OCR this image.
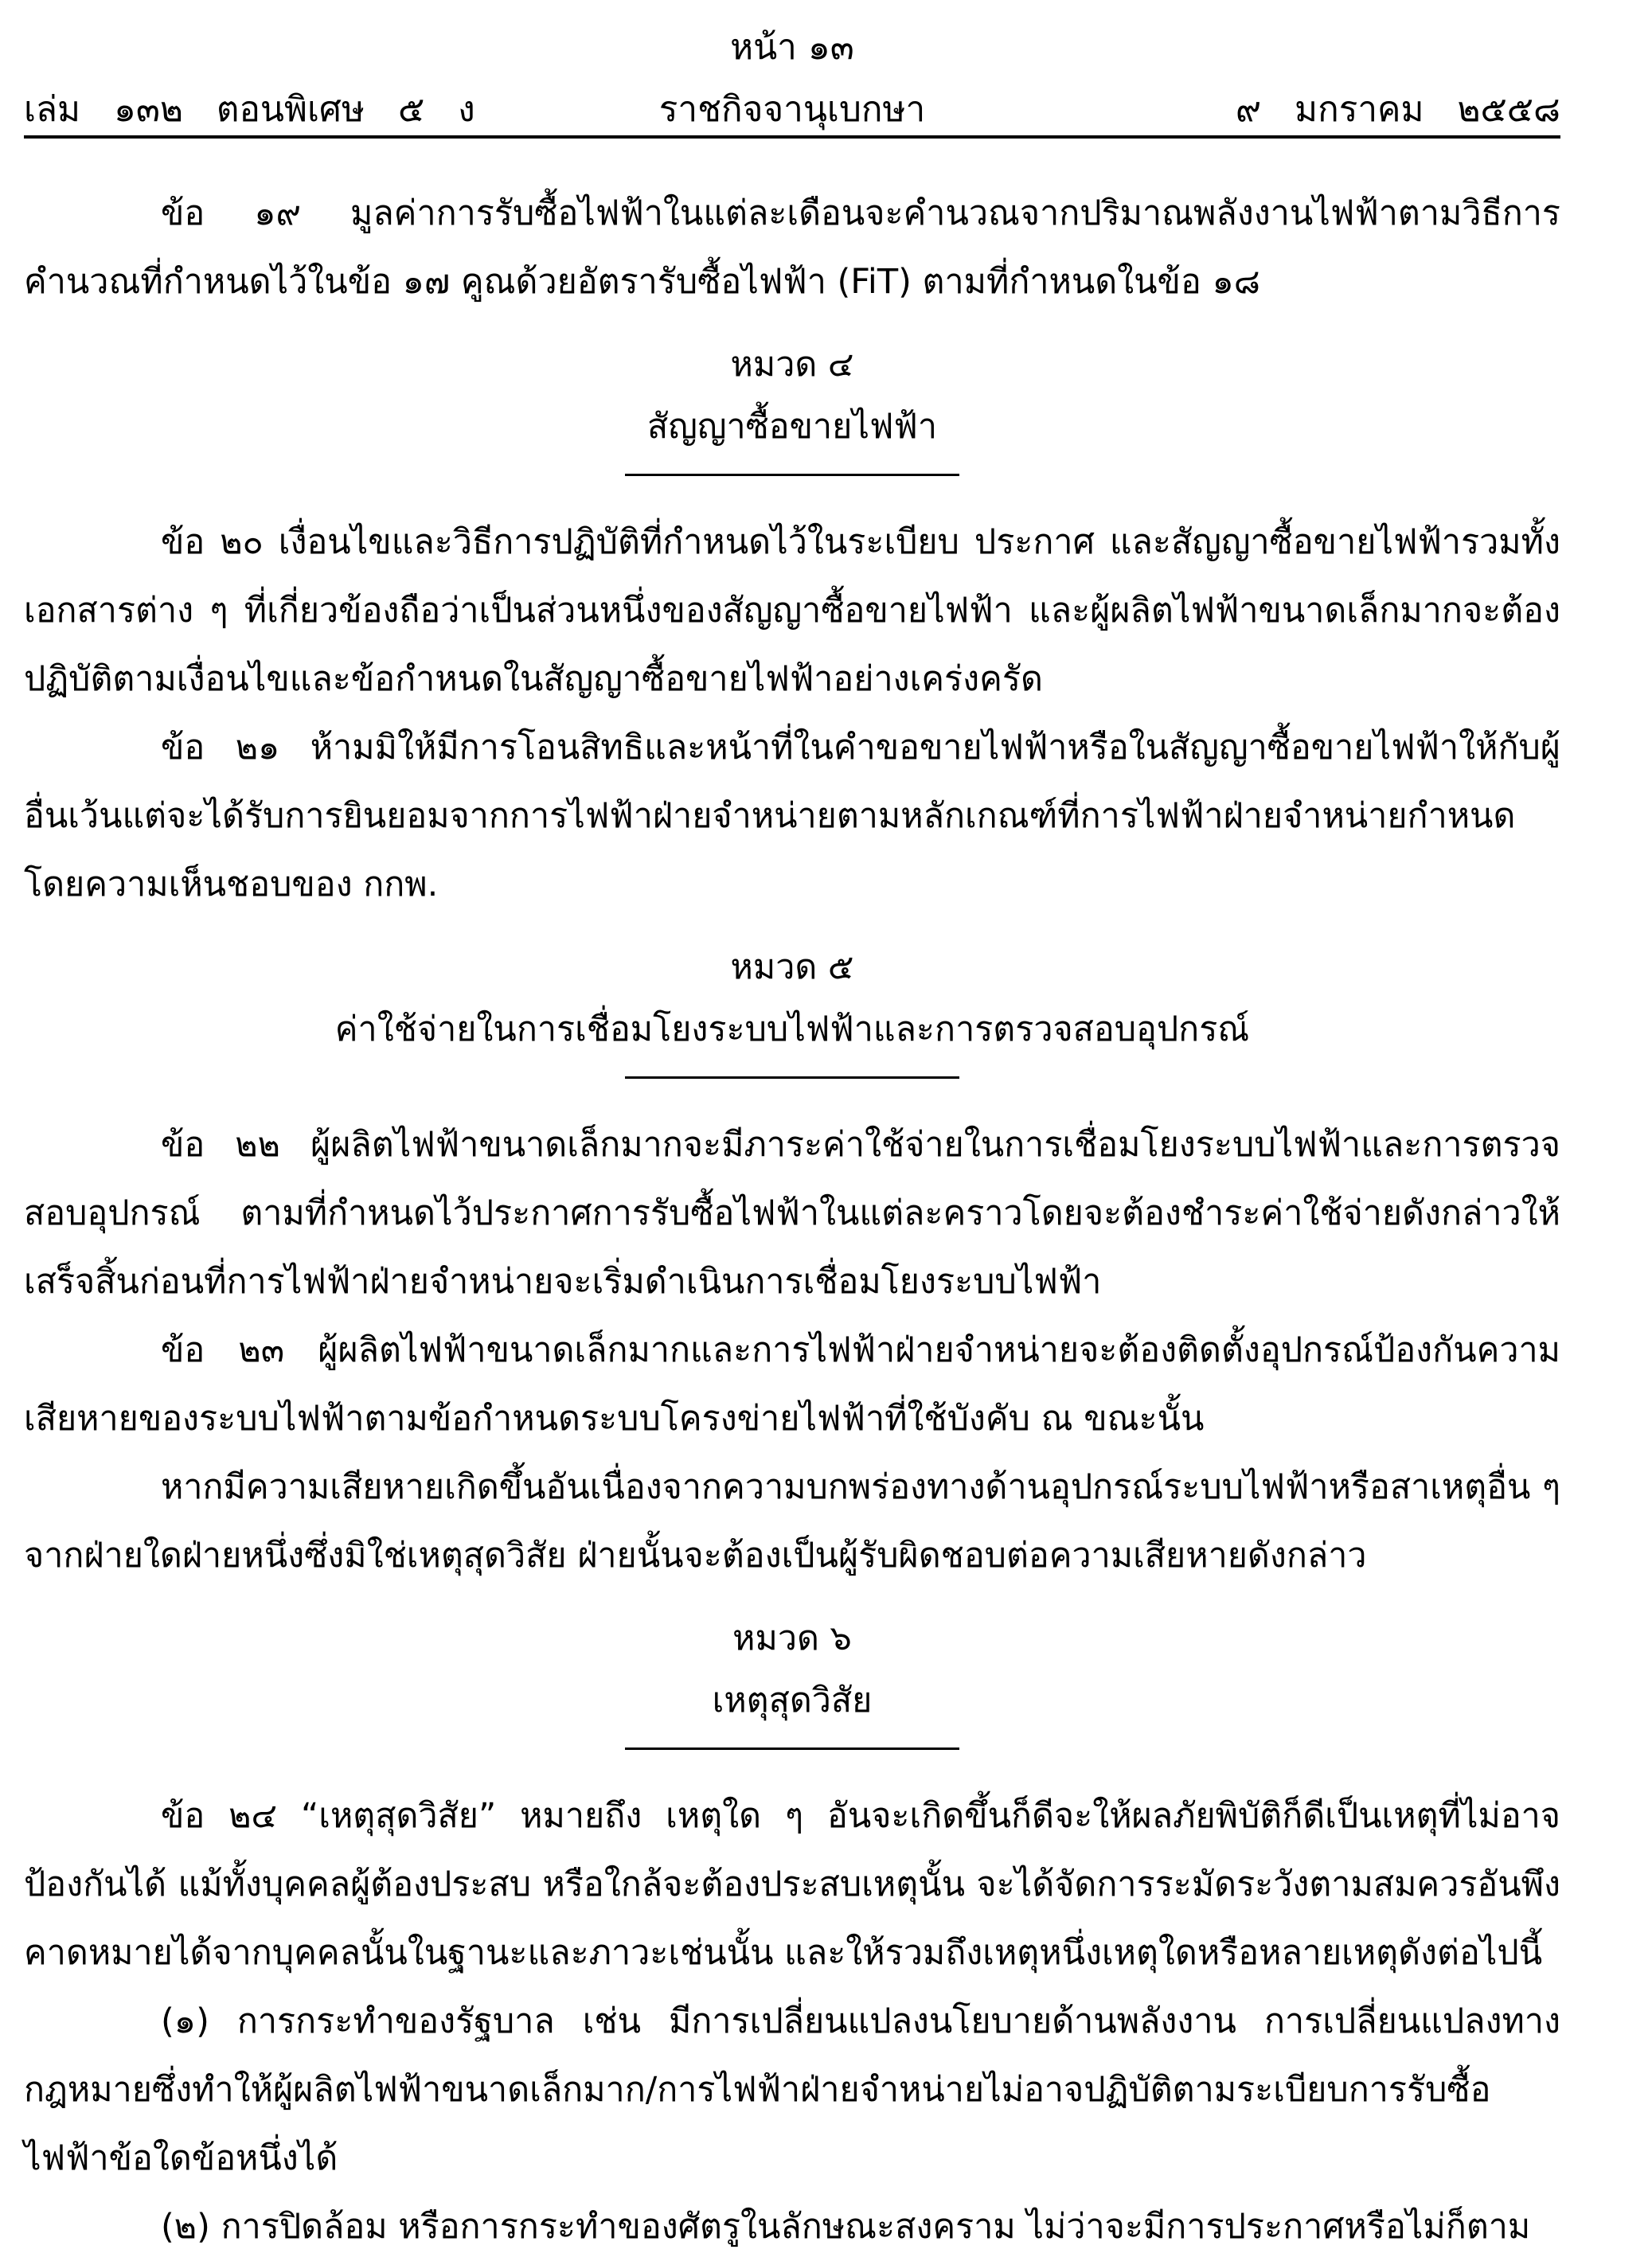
หน้า ๑๓
เล่ม   ๑๓๒   ตอนพิเศษ   ๕   ง	ราชกิจจานุเบกษา	๙   มกราคม   ๒๕๕๘

ข้อ ๑๙ มูลค่าการรับซื้อไฟฟ้าในแต่ละเดือนจะคำนวณจากปริมาณพลังงานไฟฟ้าตามวิธีการคำนวณที่กำหนดไว้ในข้อ ๑๗ คูณด้วยอัตรารับซื้อไฟฟ้า (FiT) ตามที่กำหนดในข้อ ๑๘

หมวด ๔
สัญญาซื้อขายไฟฟ้า

ข้อ ๒๐ เงื่อนไขและวิธีการปฏิบัติที่กำหนดไว้ในระเบียบ ประกาศ และสัญญาซื้อขายไฟฟ้ารวมทั้งเอกสารต่าง ๆ ที่เกี่ยวข้องถือว่าเป็นส่วนหนึ่งของสัญญาซื้อขายไฟฟ้า และผู้ผลิตไฟฟ้าขนาดเล็กมากจะต้องปฏิบัติตามเงื่อนไขและข้อกำหนดในสัญญาซื้อขายไฟฟ้าอย่างเคร่งครัด

ข้อ ๒๑ ห้ามมิให้มีการโอนสิทธิและหน้าที่ในคำขอขายไฟฟ้าหรือในสัญญาซื้อขายไฟฟ้าให้กับผู้อื่นเว้นแต่จะได้รับการยินยอมจากการไฟฟ้าฝ่ายจำหน่ายตามหลักเกณฑ์ที่การไฟฟ้าฝ่ายจำหน่ายกำหนดโดยความเห็นชอบของ กกพ.

หมวด ๕
ค่าใช้จ่ายในการเชื่อมโยงระบบไฟฟ้าและการตรวจสอบอุปกรณ์

ข้อ ๒๒ ผู้ผลิตไฟฟ้าขนาดเล็กมากจะมีภาระค่าใช้จ่ายในการเชื่อมโยงระบบไฟฟ้าและการตรวจสอบอุปกรณ์ ตามที่กำหนดไว้ประกาศการรับซื้อไฟฟ้าในแต่ละคราวโดยจะต้องชำระค่าใช้จ่ายดังกล่าวให้เสร็จสิ้นก่อนที่การไฟฟ้าฝ่ายจำหน่ายจะเริ่มดำเนินการเชื่อมโยงระบบไฟฟ้า

ข้อ ๒๓ ผู้ผลิตไฟฟ้าขนาดเล็กมากและการไฟฟ้าฝ่ายจำหน่ายจะต้องติดตั้งอุปกรณ์ป้องกันความเสียหายของระบบไฟฟ้าตามข้อกำหนดระบบโครงข่ายไฟฟ้าที่ใช้บังคับ ณ ขณะนั้น

หากมีความเสียหายเกิดขึ้นอันเนื่องจากความบกพร่องทางด้านอุปกรณ์ระบบไฟฟ้าหรือสาเหตุอื่น ๆ จากฝ่ายใดฝ่ายหนึ่งซึ่งมิใช่เหตุสุดวิสัย ฝ่ายนั้นจะต้องเป็นผู้รับผิดชอบต่อความเสียหายดังกล่าว

หมวด ๖
เหตุสุดวิสัย

ข้อ ๒๔ “เหตุสุดวิสัย” หมายถึง เหตุใด ๆ อันจะเกิดขึ้นก็ดีจะให้ผลภัยพิบัติก็ดีเป็นเหตุที่ไม่อาจป้องกันได้ แม้ทั้งบุคคลผู้ต้องประสบ หรือใกล้จะต้องประสบเหตุนั้น จะได้จัดการระมัดระวังตามสมควรอันพึงคาดหมายได้จากบุคคลนั้นในฐานะและภาวะเช่นนั้น และให้รวมถึงเหตุหนึ่งเหตุใดหรือหลายเหตุดังต่อไปนี้

(๑) การกระทำของรัฐบาล เช่น มีการเปลี่ยนแปลงนโยบายด้านพลังงาน การเปลี่ยนแปลงทางกฎหมายซึ่งทำให้ผู้ผลิตไฟฟ้าขนาดเล็กมาก/การไฟฟ้าฝ่ายจำหน่ายไม่อาจปฏิบัติตามระเบียบการรับซื้อไฟฟ้าข้อใดข้อหนึ่งได้

(๒) การปิดล้อม หรือการกระทำของศัตรูในลักษณะสงคราม ไม่ว่าจะมีการประกาศหรือไม่ก็ตาม
